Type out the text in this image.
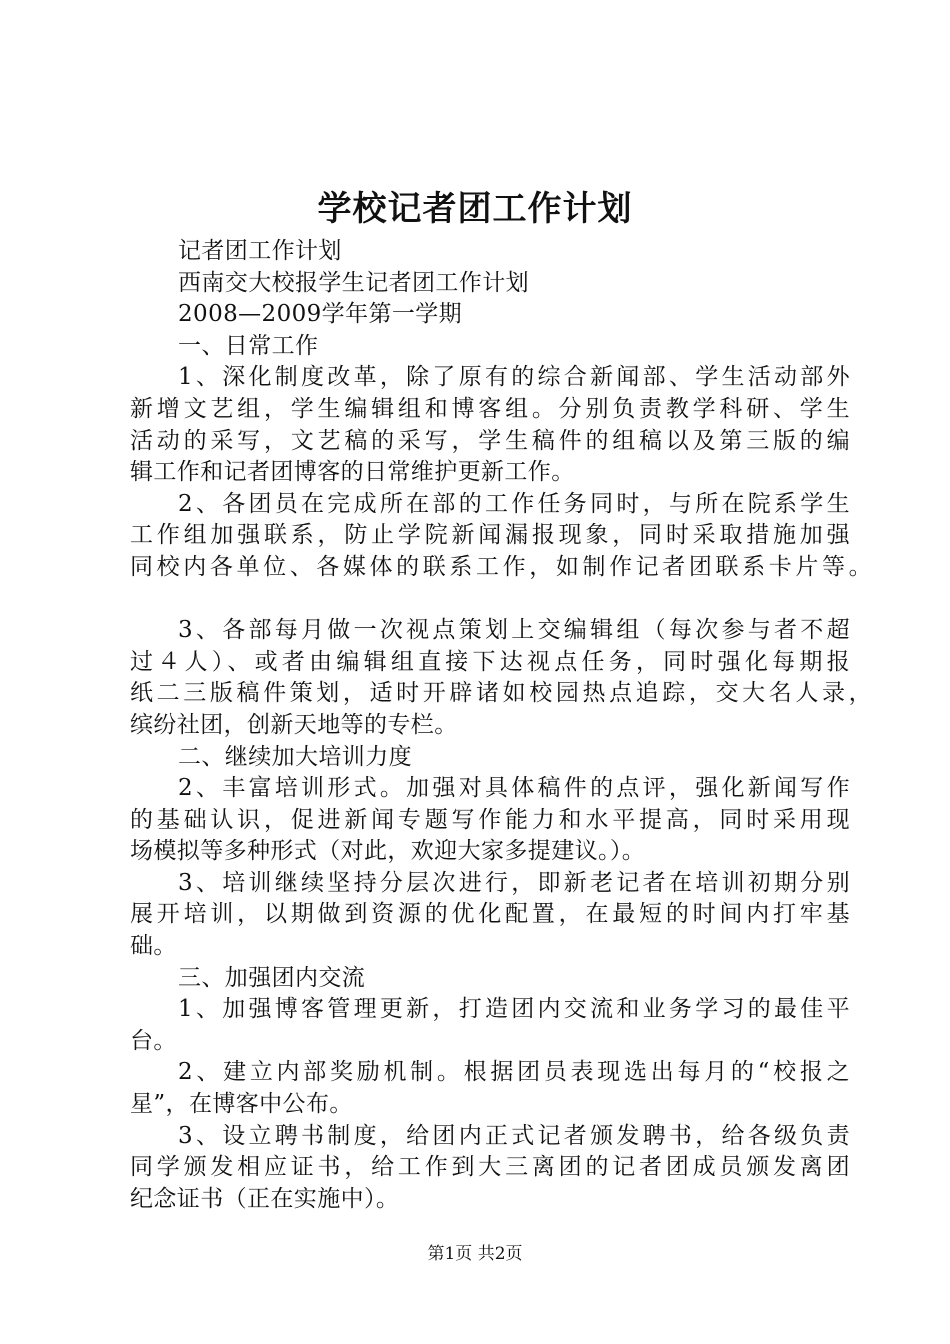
学校记者团工作计划
记者团工作计划
西南交大校报学生记者团工作计划
2008—2009学年第一学期
一、日常工作
1、深化制度改革，除了原有的综合新闻部、学生活动部外
新增文艺组，学生编辑组和博客组。分别负责教学科研、学生
活动的采写，文艺稿的采写，学生稿件的组稿以及第三版的编
辑工作和记者团博客的日常维护更新工作。
2、各团员在完成所在部的工作任务同时，与所在院系学生
工作组加强联系，防止学院新闻漏报现象，同时采取措施加强
同校内各单位、各媒体的联系工作，如制作记者团联系卡片等。
3、各部每月做一次视点策划上交编辑组（每次参与者不超
过４人）、或者由编辑组直接下达视点任务，同时强化每期报
纸二三版稿件策划，适时开辟诸如校园热点追踪，交大名人录，
缤纷社团，创新天地等的专栏。
二、继续加大培训力度
2、丰富培训形式。加强对具体稿件的点评，强化新闻写作
的基础认识，促进新闻专题写作能力和水平提高，同时采用现
场模拟等多种形式（对此，欢迎大家多提建议。）。
3、培训继续坚持分层次进行，即新老记者在培训初期分别
展开培训，以期做到资源的优化配置，在最短的时间内打牢基
础。
三、加强团内交流
1、加强博客管理更新，打造团内交流和业务学习的最佳平
台。
2、建立内部奖励机制。根据团员表现选出每月的“校报之
星”，在博客中公布。
3、设立聘书制度，给团内正式记者颁发聘书，给各级负责
同学颁发相应证书，给工作到大三离团的记者团成员颁发离团
纪念证书（正在实施中）。
第1页 共2页
